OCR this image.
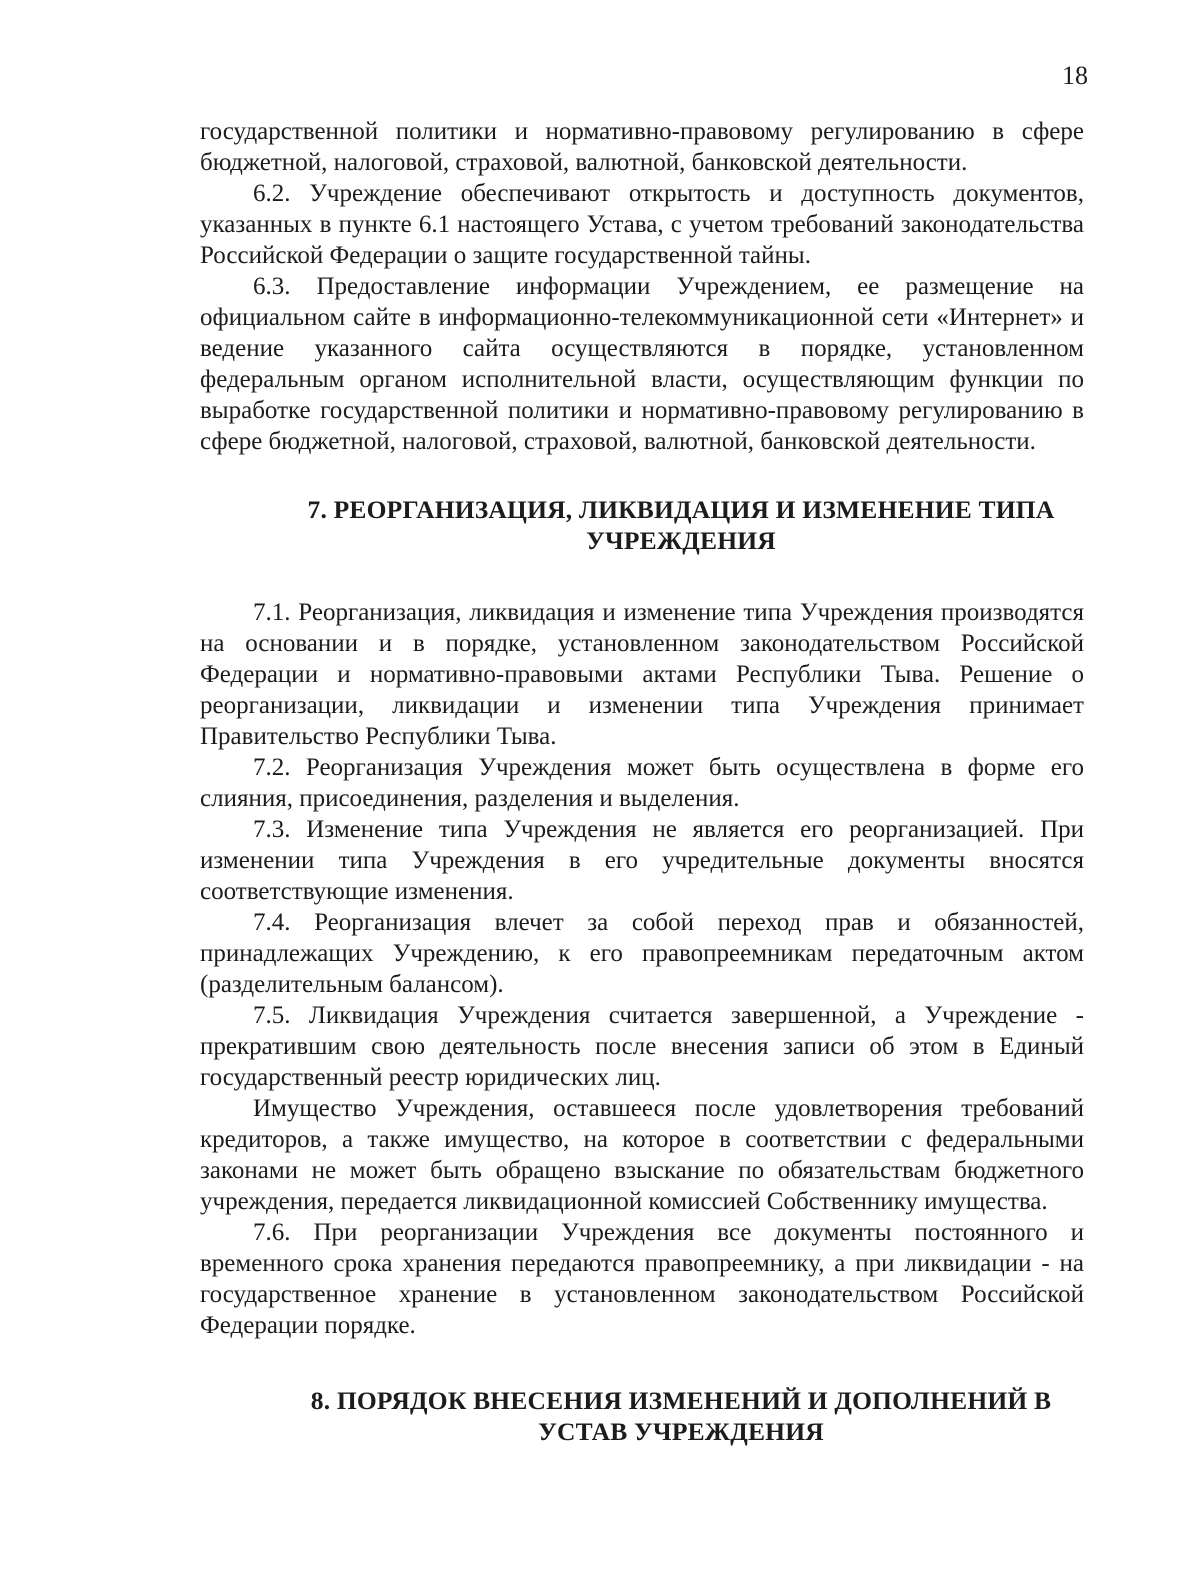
18

государственной политики и нормативно-правовому регулированию в сфере бюджетной, налоговой, страховой, валютной, банковской деятельности.

6.2. Учреждение обеспечивают открытость и доступность документов, указанных в пункте 6.1 настоящего Устава, с учетом требований законодательства Российской Федерации о защите государственной тайны.

6.3. Предоставление информации Учреждением, ее размещение на официальном сайте в информационно-телекоммуникационной сети «Интернет» и ведение указанного сайта осуществляются в порядке, установленном федеральным органом исполнительной власти, осуществляющим функции по выработке государственной политики и нормативно-правовому регулированию в сфере бюджетной, налоговой, страховой, валютной, банковской деятельности.

7. РЕОРГАНИЗАЦИЯ, ЛИКВИДАЦИЯ И ИЗМЕНЕНИЕ ТИПА
УЧРЕЖДЕНИЯ

7.1. Реорганизация, ликвидация и изменение типа Учреждения производятся на основании и в порядке, установленном законодательством Российской Федерации и нормативно-правовыми актами Республики Тыва. Решение о реорганизации, ликвидации и изменении типа Учреждения принимает Правительство Республики Тыва.

7.2. Реорганизация Учреждения может быть осуществлена в форме его слияния, присоединения, разделения и выделения.

7.3. Изменение типа Учреждения не является его реорганизацией. При изменении типа Учреждения в его учредительные документы вносятся соответствующие изменения.

7.4. Реорганизация влечет за собой переход прав и обязанностей, принадлежащих Учреждению, к его правопреемникам передаточным актом (разделительным балансом).

7.5. Ликвидация Учреждения считается завершенной, а Учреждение - прекратившим свою деятельность после внесения записи об этом в Единый государственный реестр юридических лиц.

Имущество Учреждения, оставшееся после удовлетворения требований кредиторов, а также имущество, на которое в соответствии с федеральными законами не может быть обращено взыскание по обязательствам бюджетного учреждения, передается ликвидационной комиссией Собственнику имущества.

7.6. При реорганизации Учреждения все документы постоянного и временного срока хранения передаются правопреемнику, а при ликвидации - на государственное хранение в установленном законодательством Российской Федерации порядке.

8. ПОРЯДОК ВНЕСЕНИЯ ИЗМЕНЕНИЙ И ДОПОЛНЕНИЙ В
УСТАВ УЧРЕЖДЕНИЯ
